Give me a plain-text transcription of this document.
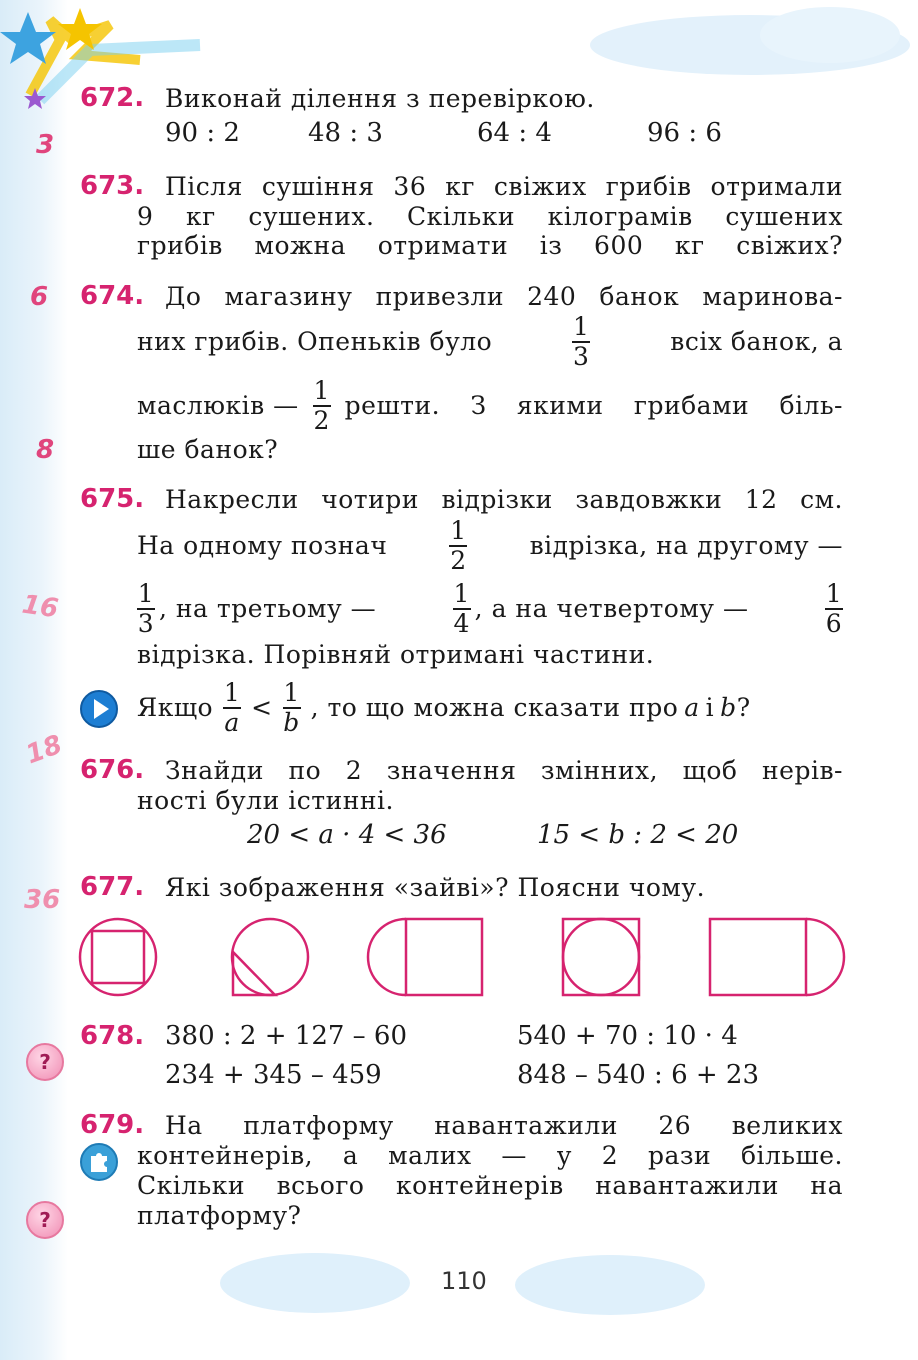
3
6
8
16
18
36
672. Виконай ділення з перевіркою.
90 : 2	48 : 3	64 : 4	96 : 6
673. Після сушіння 36 кг свіжих грибів отримали
9 кг сушених. Скільки кілограмів сушених
грибів можна отримати із 600 кг свіжих?
674. До магазину привезли 240 банок маринова-
них грибів. Опеньків було	$\frac{1}{3}$	всіх банок, а
маслюків — $\frac{1}{2}$ решти. З якими грибами біль-
ше банок?
675. Накресли чотири відрізки завдовжки 12 см.
На одному познач $\frac{1}{2}$ відрізка, на другому —
$\frac{1}{3}$ , на третьому —	$\frac{1}{4}$ , а на четвертому —	$\frac{1}{6}$
відрізка. Порівняй отримані частини.
Якщо $\frac{1}{a} < \frac{1}{b}$ , то що можна сказати про a і b?
676. Знайди по 2 значення змінних, щоб нерів-
ності були істинні.
20 < a · 4 < 36	15 < b : 2 < 20
677. Які зображення «зайві»? Поясни чому.
?
678. 380 : 2 + 127 – 60	540 + 70 : 10 · 4
234 + 345 – 459	848 – 540 : 6 + 23
679.
?
На платформу навантажили 26 великих
контейнерів, а малих — у 2 рази більше.
Скільки всього контейнерів навантажили на
платформу?
110
